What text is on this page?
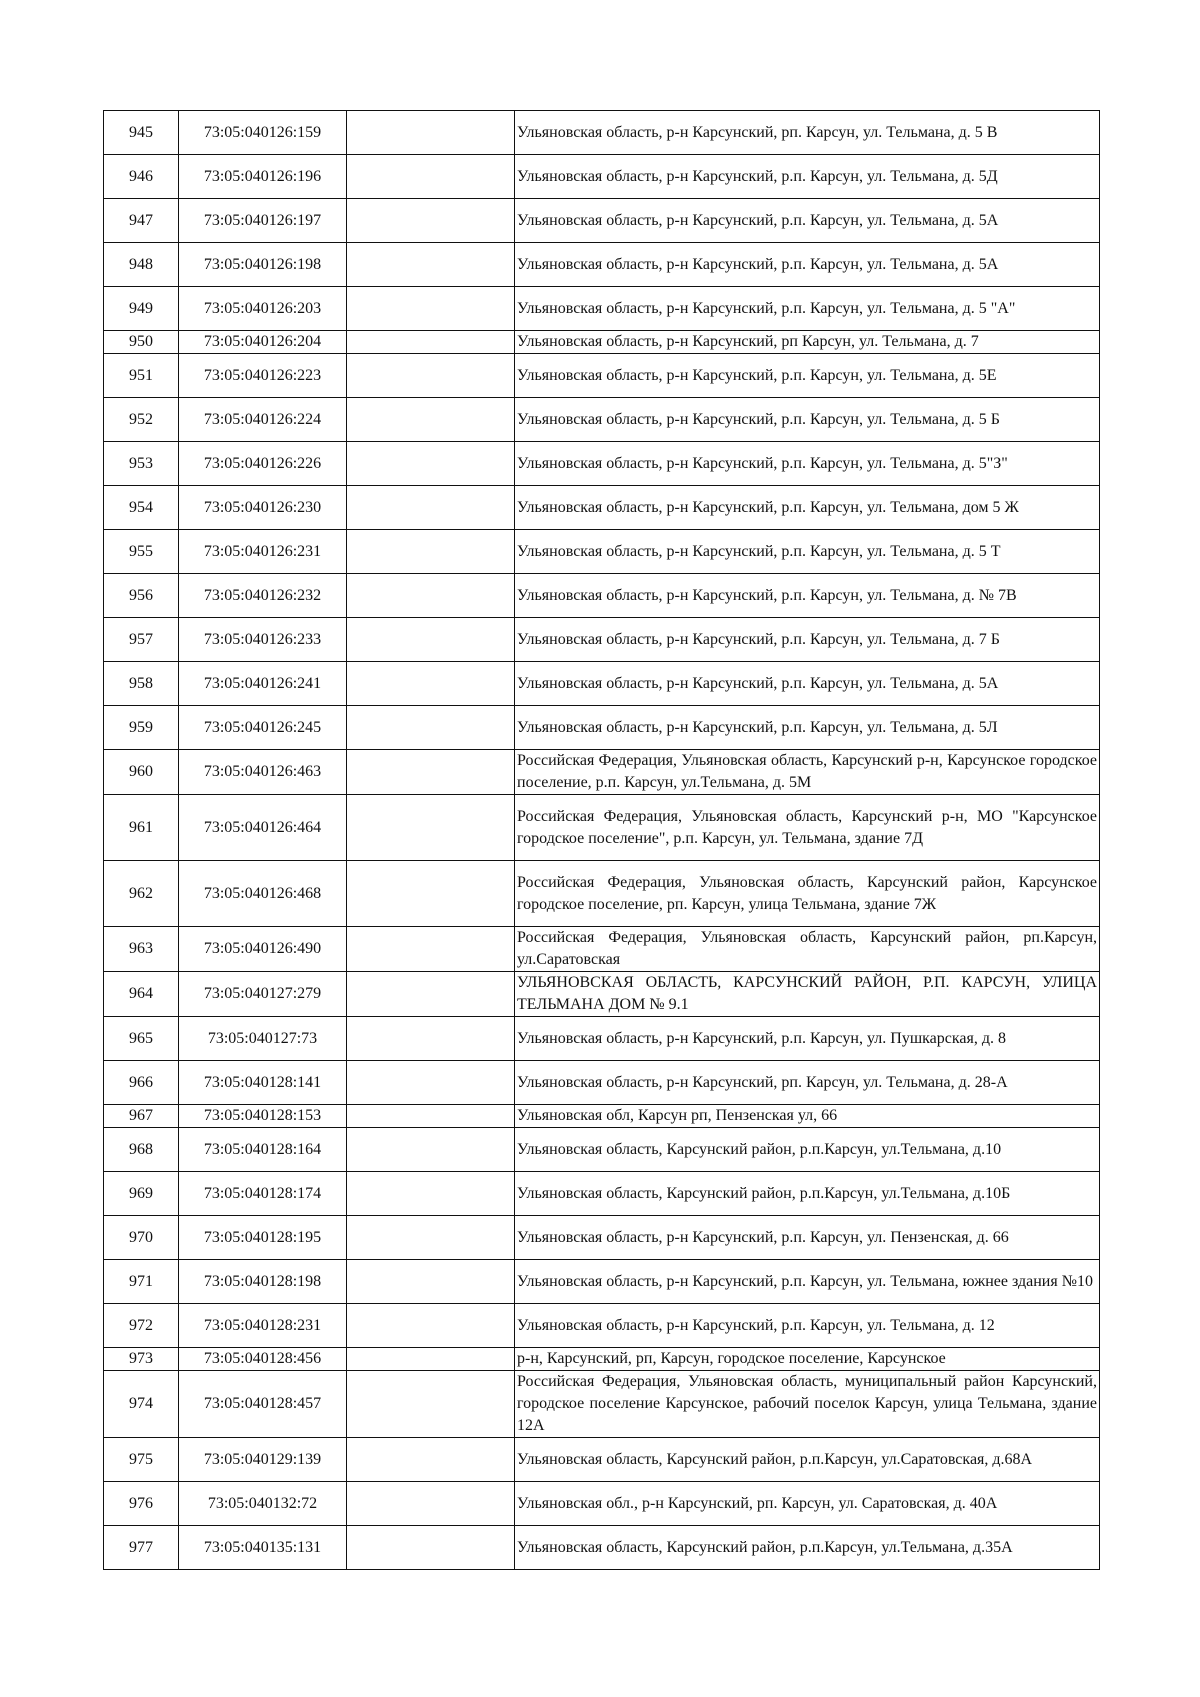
945	73:05:040126:159		Ульяновская область, р-н Карсунский, рп. Карсун, ул. Тельмана, д. 5 В
946	73:05:040126:196		Ульяновская область, р-н Карсунский, р.п. Карсун, ул. Тельмана, д. 5Д
947	73:05:040126:197		Ульяновская область, р-н Карсунский, р.п. Карсун, ул. Тельмана, д. 5А
948	73:05:040126:198		Ульяновская область, р-н Карсунский, р.п. Карсун, ул. Тельмана, д. 5А
949	73:05:040126:203		Ульяновская область, р-н Карсунский, р.п. Карсун, ул. Тельмана, д. 5 "А"
950	73:05:040126:204		Ульяновская область, р-н Карсунский, рп Карсун, ул. Тельмана, д. 7
951	73:05:040126:223		Ульяновская область, р-н Карсунский, р.п. Карсун, ул. Тельмана, д. 5Е
952	73:05:040126:224		Ульяновская область, р-н Карсунский, р.п. Карсун, ул. Тельмана, д. 5 Б
953	73:05:040126:226		Ульяновская область, р-н Карсунский, р.п. Карсун, ул. Тельмана, д. 5"З"
954	73:05:040126:230		Ульяновская область, р-н Карсунский, р.п. Карсун, ул. Тельмана, дом 5 Ж
955	73:05:040126:231		Ульяновская область, р-н Карсунский, р.п. Карсун, ул. Тельмана, д. 5 Т
956	73:05:040126:232		Ульяновская область, р-н Карсунский, р.п. Карсун, ул. Тельмана, д. № 7В
957	73:05:040126:233		Ульяновская область, р-н Карсунский, р.п. Карсун, ул. Тельмана, д. 7 Б
958	73:05:040126:241		Ульяновская область, р-н Карсунский, р.п. Карсун, ул. Тельмана, д. 5А
959	73:05:040126:245		Ульяновская область, р-н Карсунский, р.п. Карсун, ул. Тельмана, д. 5Л
960	73:05:040126:463		Российская Федерация, Ульяновская область, Карсунский р-н, Карсунское городское поселение, р.п. Карсун, ул.Тельмана, д. 5М
961	73:05:040126:464		Российская Федерация, Ульяновская область, Карсунский р-н, МО "Карсунское городское поселение", р.п. Карсун, ул. Тельмана, здание 7Д
962	73:05:040126:468		Российская Федерация, Ульяновская область, Карсунский район, Карсунское городское поселение, рп. Карсун, улица Тельмана, здание 7Ж
963	73:05:040126:490		Российская Федерация, Ульяновская область, Карсунский район, рп.Карсун, ул.Саратовская
964	73:05:040127:279		УЛЬЯНОВСКАЯ ОБЛАСТЬ, КАРСУНСКИЙ РАЙОН, Р.П. КАРСУН, УЛИЦА ТЕЛЬМАНА ДОМ № 9.1
965	73:05:040127:73		Ульяновская область, р-н Карсунский, р.п. Карсун, ул. Пушкарская, д. 8
966	73:05:040128:141		Ульяновская область, р-н Карсунский, рп. Карсун, ул. Тельмана, д. 28-А
967	73:05:040128:153		Ульяновская обл, Карсун рп, Пензенская ул, 66
968	73:05:040128:164		Ульяновская область, Карсунский район, р.п.Карсун, ул.Тельмана, д.10
969	73:05:040128:174		Ульяновская область, Карсунский район, р.п.Карсун, ул.Тельмана, д.10Б
970	73:05:040128:195		Ульяновская область, р-н Карсунский, р.п. Карсун, ул. Пензенская, д. 66
971	73:05:040128:198		Ульяновская область, р-н Карсунский, р.п. Карсун, ул. Тельмана, южнее здания №10
972	73:05:040128:231		Ульяновская область, р-н Карсунский, р.п. Карсун, ул. Тельмана, д. 12
973	73:05:040128:456		р-н, Карсунский, рп, Карсун, городское поселение, Карсунское
974	73:05:040128:457		Российская Федерация, Ульяновская область, муниципальный район Карсунский, городское поселение Карсунское, рабочий поселок Карсун, улица Тельмана, здание 12А
975	73:05:040129:139		Ульяновская область, Карсунский район, р.п.Карсун, ул.Саратовская, д.68А
976	73:05:040132:72		Ульяновская обл., р-н Карсунский, рп. Карсун, ул. Саратовская, д. 40А
977	73:05:040135:131		Ульяновская область, Карсунский район, р.п.Карсун, ул.Тельмана, д.35А
